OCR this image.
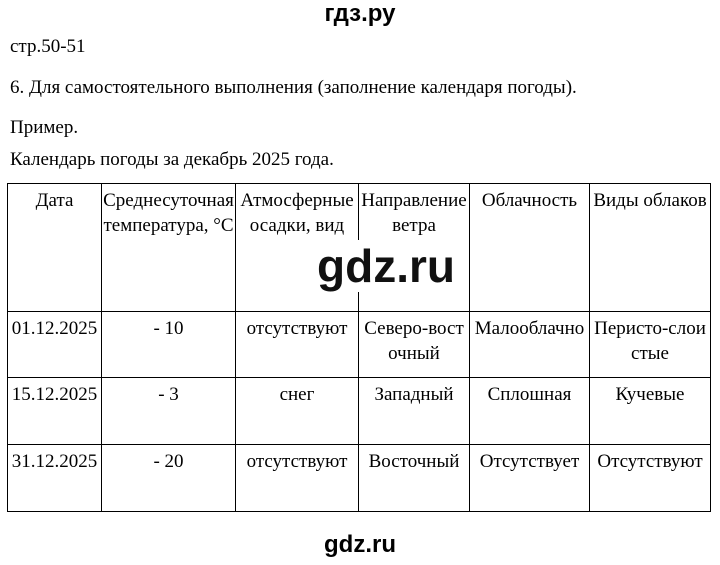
гдз.ру
стр.50-51
6. Для самостоятельного выполнения (заполнение календаря погоды).
Пример.
Календарь погоды за декабрь 2025 года.
Дата	Среднесуточная температура, °C	Атмосферные осадки, вид	Направление ветра	Облачность	Виды облаков
01.12.2025	- 10	отсутствуют	Северо-восточный	Малооблачно	Перисто-слоистые
15.12.2025	- 3	снег	Западный	Сплошная	Кучевые
31.12.2025	- 20	отсутствуют	Восточный	Отсутствует	Отсутствуют
gdz.ru
gdz.ru
